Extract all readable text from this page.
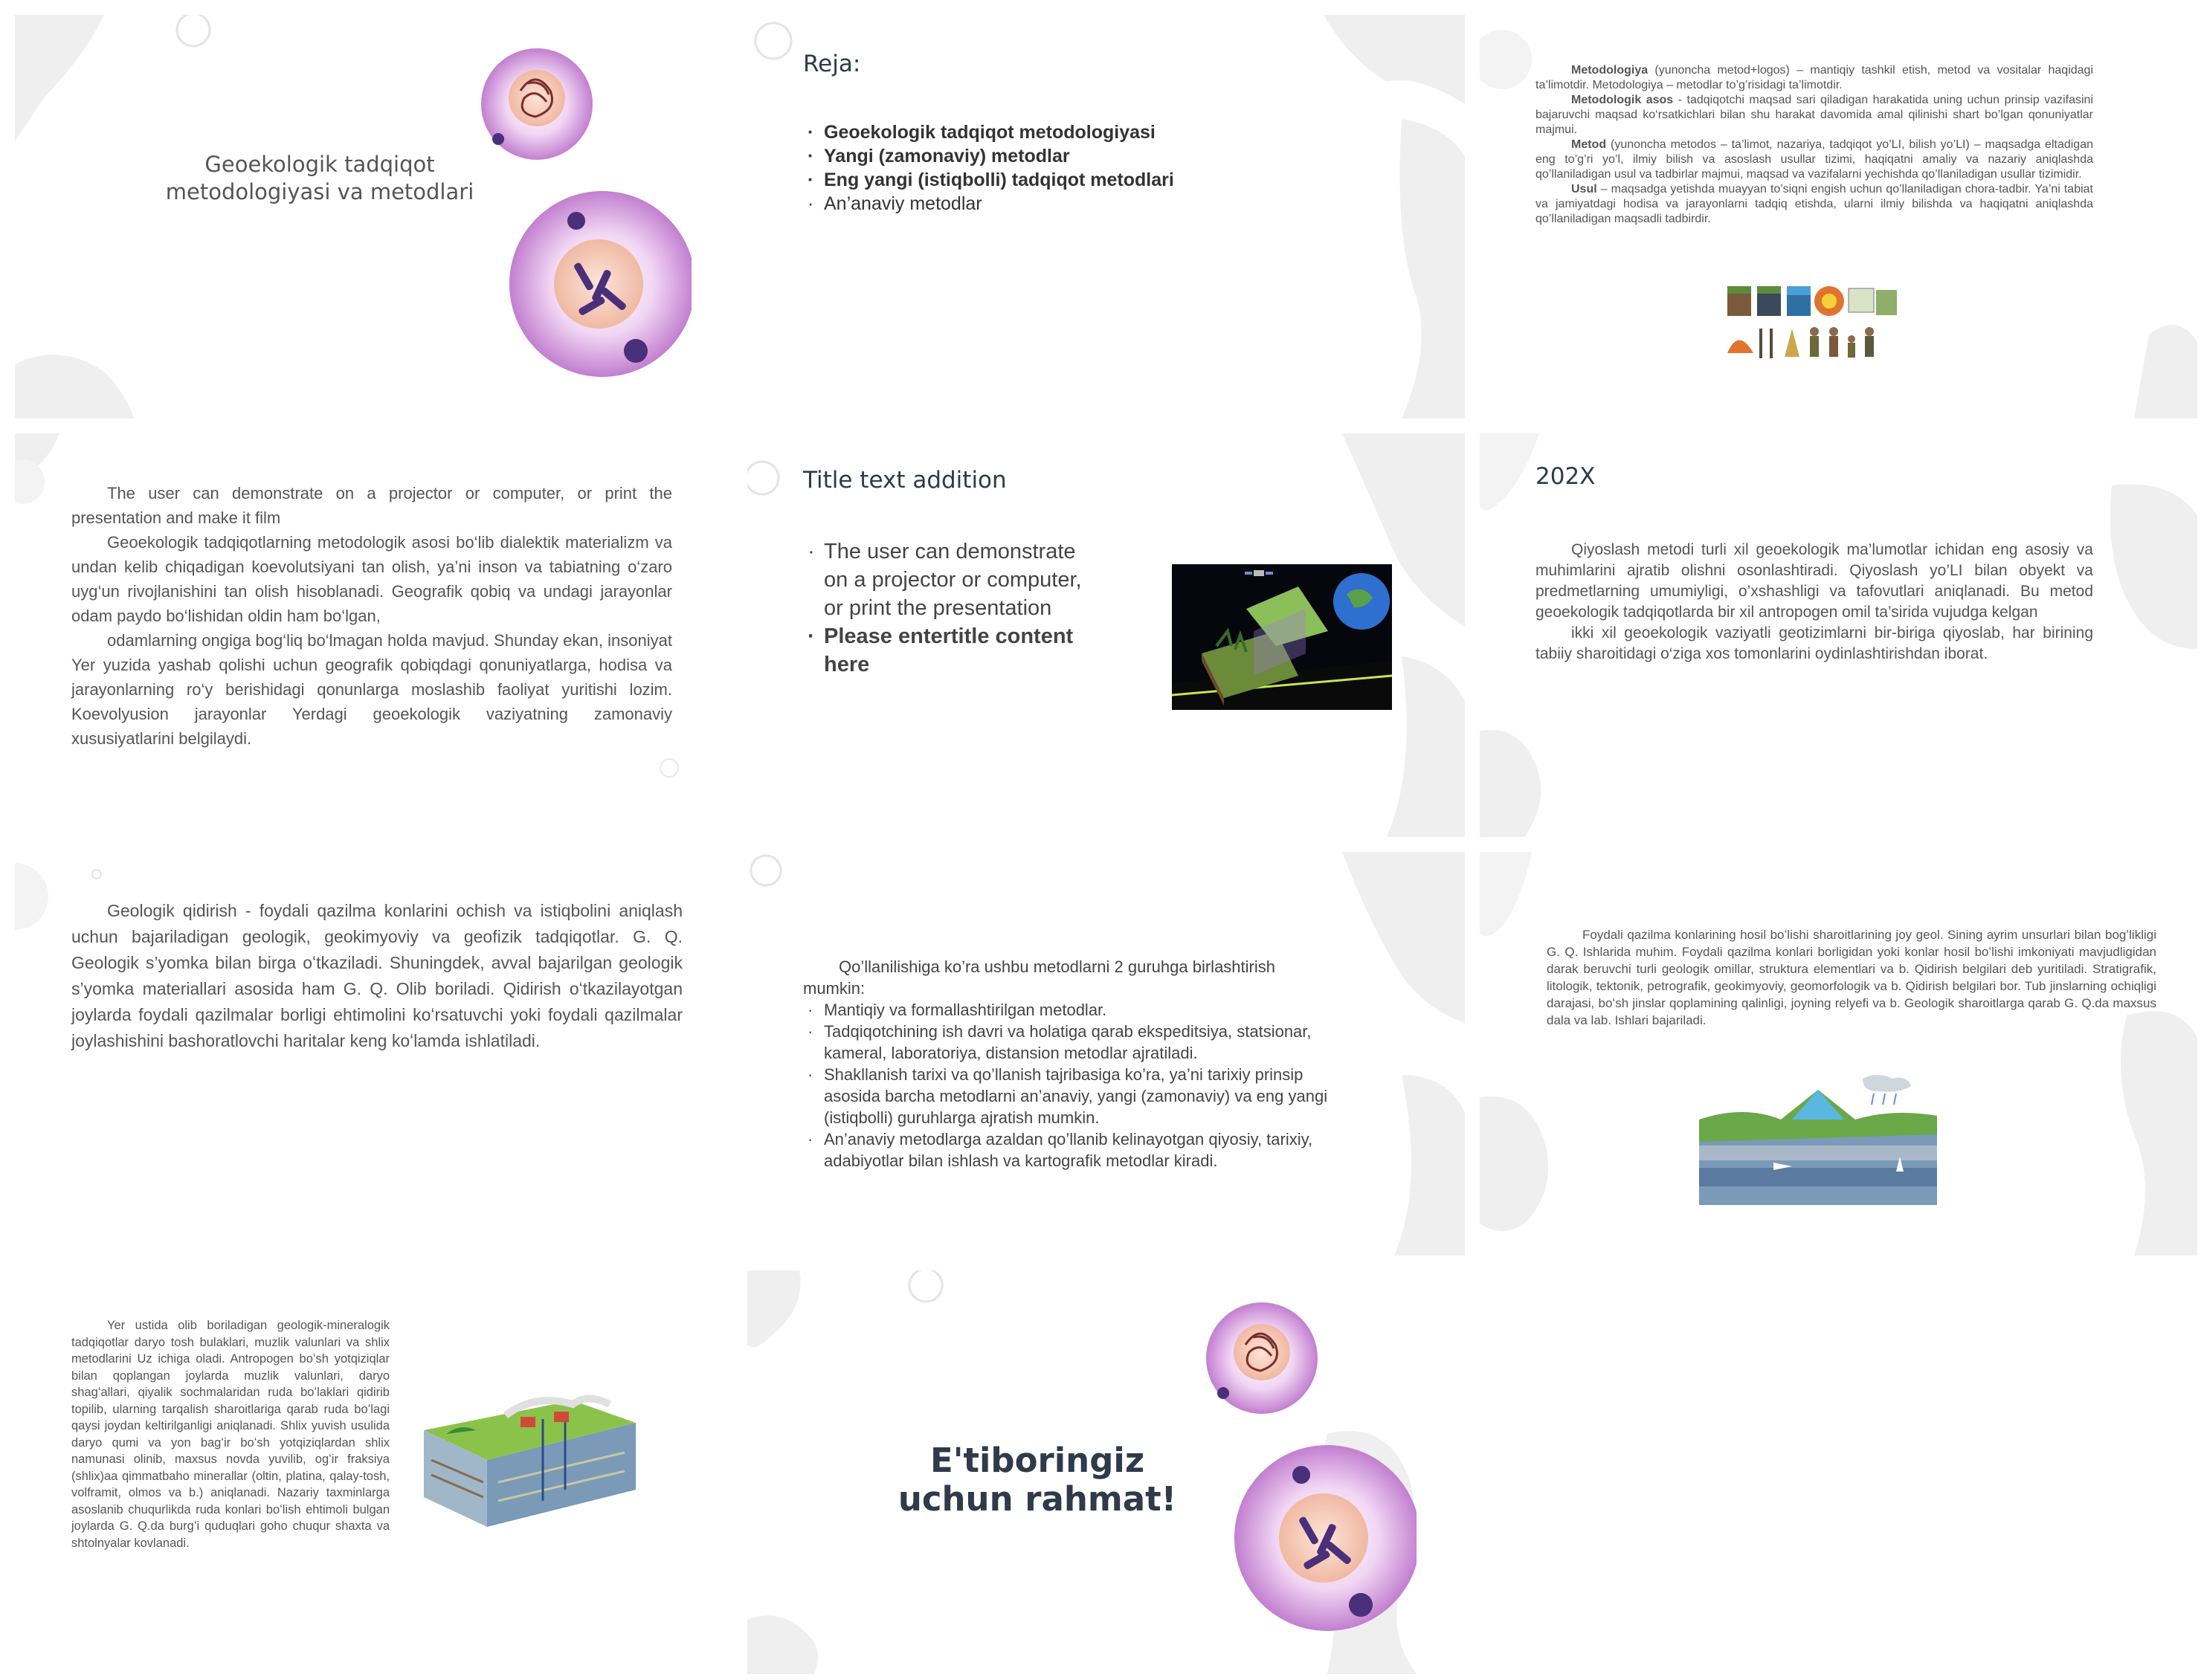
Geoekologik tadqiqot metodologiyasi va metodlari
Reja:
· Geoekologik tadqiqot metodologiyasi
· Yangi (zamonaviy) metodlar
· Eng yangi (istiqbolli) tadqiqot metodlari
· An’anaviy metodlar

Metodologiya (yunoncha metod+logos) – mantiqiy tashkil etish, metod va vositalar haqidagi ta’limotdir. Metodologiya – metodlar to’g’risidagi ta’limotdir.

Metodologik asos - tadqiqotchi maqsad sari qiladigan harakatida uning uchun prinsip vazifasini bajaruvchi maqsad ko‘rsatkichlari bilan shu harakat davomida amal qilinishi shart bo’lgan qonuniyatlar majmui.

Metod (yunoncha metodos – ta’limot, nazariya, tadqiqot yo’LI, bilish yo’LI) – maqsadga eltadigan eng to’g’ri yo’l, ilmiy bilish va asoslash usullar tizimi, haqiqatni amaliy va nazariy aniqlashda qo’llaniladigan usul va tadbirlar majmui, maqsad va vazifalarni yechishda qo’llaniladigan usullar tizimidir.

Usul – maqsadga yetishda muayyan to’siqni engish uchun qo’llaniladigan chora-tadbir. Ya’ni tabiat va jamiyatdagi hodisa va jarayonlarni tadqiq etishda, ularni ilmiy bilishda va haqiqatni aniqlashda qo’llaniladigan maqsadli tadbirdir.

The user can demonstrate on a projector or computer, or print the presentation and make it film
Geoekologik tadqiqotlarning metodologik asosi bo‘lib dialektik materializm va undan kelib chiqadigan koevolutsiyani tan olish, ya’ni inson va tabiatning o‘zaro uyg‘un rivojlanishini tan olish hisoblanadi. Geografik qobiq va undagi jarayonlar odam paydo bo‘lishidan oldin ham bo‘lgan,
odamlarning ongiga bog‘liq bo‘lmagan holda mavjud. Shunday ekan, insoniyat Yer yuzida yashab qolishi uchun geografik qobiqdagi qonuniyatlarga, hodisa va jarayonlarning ro‘y berishidagi qonunlarga moslashib faoliyat yuritishi lozim. Koevolyusion jarayonlar Yerdagi geoekologik vaziyatning zamonaviy xususiyatlarini belgilaydi.
Title text addition
· The user can demonstrate on a projector or computer, or print the presentation
· Please entertitle content here
202X
Qiyoslash metodi turli xil geoekologik ma’lumotlar ichidan eng asosiy va muhimlarini ajratib olishni osonlashtiradi. Qiyoslash yo’LI bilan obyekt va predmetlarning umumiyligi, o’xshashligi va tafovutlari aniqlanadi. Bu metod geoekologik tadqiqotlarda bir xil antropogen omil ta’sirida vujudga kelgan
ikki xil geoekologik vaziyatli geotizimlarni bir-biriga qiyoslab, har birining tabiiy sharoitidagi o‘ziga xos tomonlarini oydinlashtirishdan iborat.
Geologik qidirish - foydali qazilma konlarini ochish va istiqbolini aniqlash uchun bajariladigan geologik, geokimyoviy va geofizik tadqiqotlar. G. Q. Geologik s’yomka bilan birga oʻtkaziladi. Shuningdek, avval bajarilgan geologik s’yomka materiallari asosida ham G. Q. Olib boriladi. Qidirish oʻtkazilayotgan joylarda foydali qazilmalar borligi ehtimolini koʻrsatuvchi yoki foydali qazilmalar joylashishini bashoratlovchi haritalar keng koʻlamda ishlatiladi.
Qo’llanilishiga ko’ra ushbu metodlarni 2 guruhga birlashtirish mumkin:
· Mantiqiy va formallashtirilgan metodlar.
· Tadqiqotchining ish davri va holatiga qarab ekspeditsiya, statsionar, kameral, laboratoriya, distansion metodlar ajratiladi.
· Shakllanish tarixi va qo’llanish tajribasiga ko’ra, ya’ni tarixiy prinsip asosida barcha metodlarni an’anaviy, yangi (zamonaviy) va eng yangi (istiqbolli) guruhlarga ajratish mumkin.
· An’anaviy metodlarga azaldan qo’llanib kelinayotgan qiyosiy, tarixiy, adabiyotlar bilan ishlash va kartografik metodlar kiradi.
Foydali qazilma konlarining hosil boʻlishi sharoitlarining joy geol. Sining ayrim unsurlari bilan bogʻlikligi G. Q. Ishlarida muhim. Foydali qazilma konlari borligidan yoki konlar hosil boʻlishi imkoniyati mavjudligidan darak beruvchi turli geologik omillar, struktura elementlari va b. Qidirish belgilari deb yuritiladi. Stratigrafik, litologik, tektonik, petrografik, geokimyoviy, geomorfologik va b. Qidirish belgilari bor. Tub jinslarning ochiqligi darajasi, boʻsh jinslar qoplamining qalinligi, joyning relyefi va b. Geologik sharoitlarga qarab G. Q.da maxsus dala va lab. Ishlari bajariladi.
Yer ustida olib boriladigan geologik-mineralogik tadqiqotlar daryo tosh bulaklari, muzlik valunlari va shlix metodlarini Uz ichiga oladi. Antropogen boʻsh yotqiziqlar bilan qoplangan joylarda muzlik valunlari, daryo shagʻallari, qiyalik sochmalaridan ruda boʻlaklari qidirib topilib, ularning tarqalish sharoitlariga qarab ruda boʻlagi qaysi joydan keltirilganligi aniqlanadi. Shlix yuvish usulida daryo qumi va yon bagʻir boʻsh yotqiziqlardan shlix namunasi olinib, maxsus novda yuvilib, ogʻir fraksiya (shlix)aa qimmatbaho minerallar (oltin, platina, qalay-tosh, volframit, olmos va b.) aniqlanadi. Nazariy taxminlarga asoslanib chuqurlikda ruda konlari boʻlish ehtimoli bulgan joylarda G. Q.da burgʻi quduqlari goho chuqur shaxta va shtolnyalar kovlanadi.
E'tiboringiz uchun rahmat!
